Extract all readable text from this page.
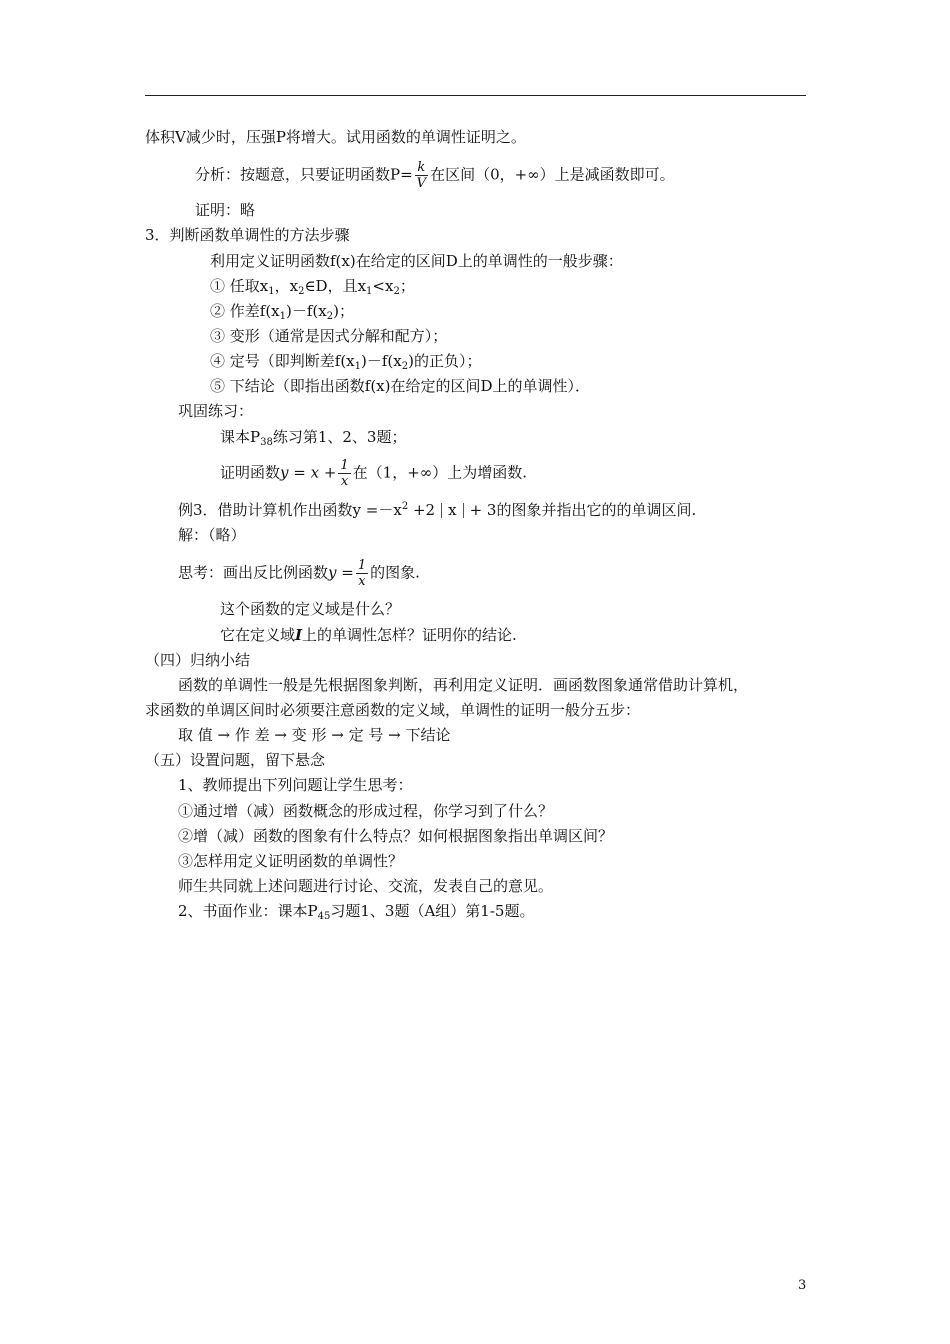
体积V减少时，压强P将增大。试用函数的单调性证明之。
分析：按题意，只要证明函数$P= \frac{k}{V}$ 在区间（0，+∞）上是减函数即可。
证明：略
3．判断函数单调性的方法步骤
利用定义证明函数f(x)在给定的区间D上的单调性的一般步骤：
① 任取$x_1$，$x_2\in D$，且$x_1<x_2$；
② 作差$f(x_1)-f(x_2)$；
③ 变形（通常是因式分解和配方）；
④ 定号（即判断差$f(x_1)-f(x_2)$的正负）；
⑤ 下结论（即指出函数f(x)在给定的区间D上的单调性）．
巩固练习：
课本$P_{38}$练习第1、2、3题；
证明函数$y = x + \frac{1}{x}$ 在（1，+∞）上为增函数.
例3．借助计算机作出函数$y =-x^2 +2$ x + 3的图象并指出它的的单调区间.
解：（略）
思考：画出反比例函数$y = \frac{1}{x}$ 的图象.
这个函数的定义域是什么？
它在定义域I上的单调性怎样？证明你的结论.
（四）归纳小结
函数的单调性一般是先根据图象判断，再利用定义证明．画函数图象通常借助计算机，
求函数的单调区间时必须要注意函数的定义域，单调性的证明一般分五步：
取 值 → 作 差 → 变 形 → 定 号 → 下结论
（五）设置问题，留下悬念
1、教师提出下列问题让学生思考：
①通过增（减）函数概念的形成过程，你学习到了什么？
②增（减）函数的图象有什么特点？如何根据图象指出单调区间？
③怎样用定义证明函数的单调性？
师生共同就上述问题进行讨论、交流，发表自己的意见。
2、书面作业：课本$P_{45}$习题1、3题（A组）第1-5题。
3
